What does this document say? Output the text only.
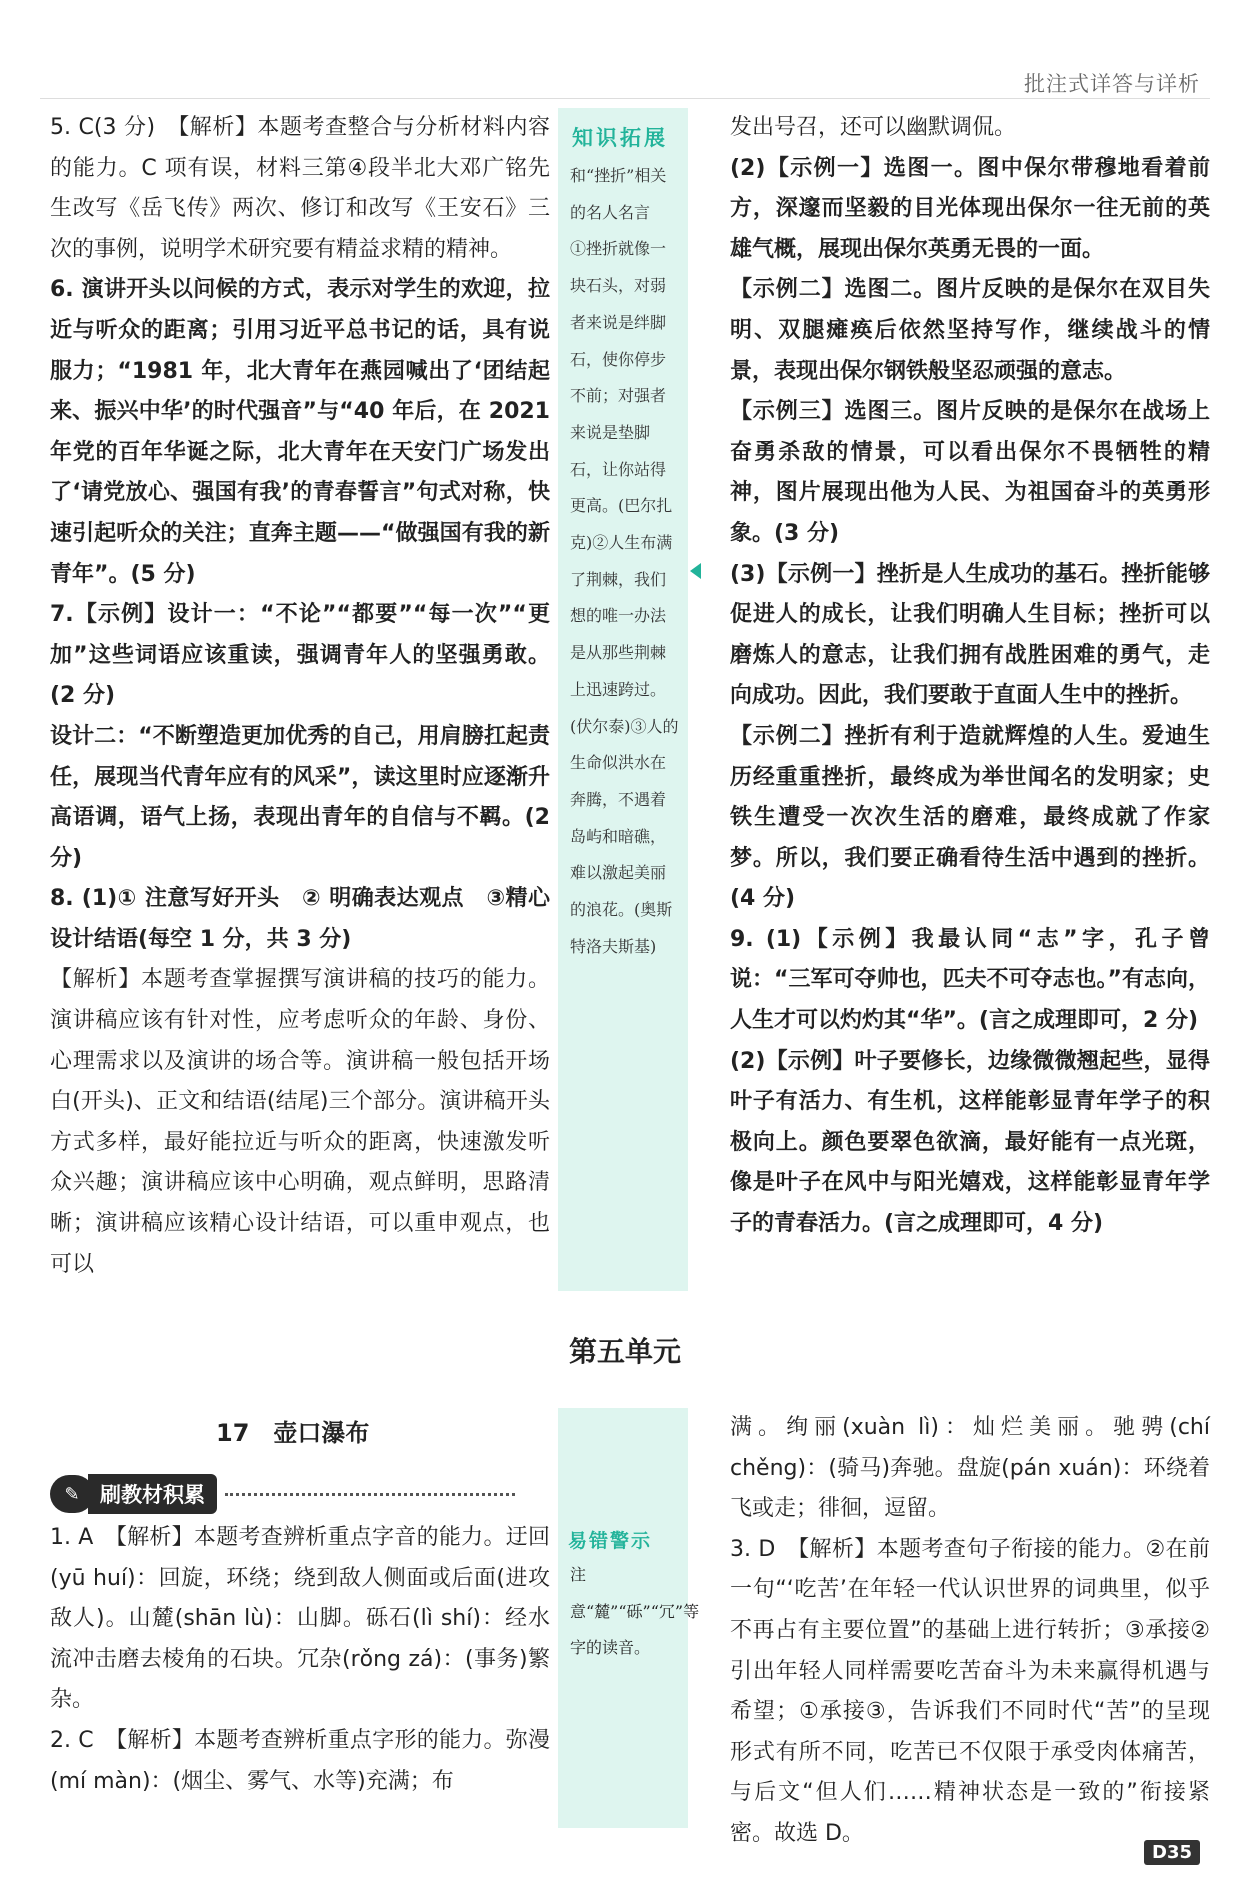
批注式详答与详析
知识拓展

和“挫折”相关的名人名言　①挫折就像一块石头，对弱者来说是绊脚石，使你停步不前；对强者来说是垫脚石，让你站得更高。(巴尔扎克)②人生布满了荆棘，我们想的唯一办法是从那些荆棘上迅速跨过。(伏尔泰)③人的生命似洪水在奔腾，不遇着岛屿和暗礁，难以激起美丽的浪花。(奥斯特洛夫斯基)

5. C(3 分)　【解析】本题考查整合与分析材料内容的能力。C 项有误，材料三第④段半北大邓广铭先生改写《岳飞传》两次、修订和改写《王安石》三次的事例，说明学术研究要有精益求精的精神。

6. 演讲开头以问候的方式，表示对学生的欢迎，拉近与听众的距离；引用习近平总书记的话，具有说服力；“1981 年，北大青年在燕园喊出了‘团结起来、振兴中华’的时代强音”与“40 年后，在 2021 年党的百年华诞之际，北大青年在天安门广场发出了‘请党放心、强国有我’的青春誓言”句式对称，快速引起听众的关注；直奔主题——“做强国有我的新青年”。(5 分)

7.【示例】设计一：“不论”“都要”“每一次”“更加”这些词语应该重读，强调青年人的坚强勇敢。(2 分)

设计二：“不断塑造更加优秀的自己，用肩膀扛起责任，展现当代青年应有的风采”，读这里时应逐渐升高语调，语气上扬，表现出青年的自信与不羁。(2 分)

8. (1)① 注意写好开头　② 明确表达观点　③精心设计结语(每空 1 分，共 3 分)

【解析】本题考查掌握撰写演讲稿的技巧的能力。演讲稿应该有针对性，应考虑听众的年龄、身份、心理需求以及演讲的场合等。演讲稿一般包括开场白(开头)、正文和结语(结尾)三个部分。演讲稿开头方式多样，最好能拉近与听众的距离，快速激发听众兴趣；演讲稿应该中心明确，观点鲜明，思路清晰；演讲稿应该精心设计结语，可以重申观点，也可以

发出号召，还可以幽默调侃。

(2)【示例一】选图一。图中保尔带穆地看着前方，深邃而坚毅的目光体现出保尔一往无前的英雄气概，展现出保尔英勇无畏的一面。

【示例二】选图二。图片反映的是保尔在双目失明、双腿瘫痪后依然坚持写作，继续战斗的情景，表现出保尔钢铁般坚忍顽强的意志。

【示例三】选图三。图片反映的是保尔在战场上奋勇杀敌的情景，可以看出保尔不畏牺牲的精神，图片展现出他为人民、为祖国奋斗的英勇形象。(3 分)

(3)【示例一】挫折是人生成功的基石。挫折能够促进人的成长，让我们明确人生目标；挫折可以磨炼人的意志，让我们拥有战胜困难的勇气，走向成功。因此，我们要敢于直面人生中的挫折。

【示例二】挫折有利于造就辉煌的人生。爱迪生历经重重挫折，最终成为举世闻名的发明家；史铁生遭受一次次生活的磨难，最终成就了作家梦。所以，我们要正确看待生活中遇到的挫折。(4 分)

9. (1)【示例】我最认同“志”字，孔子曾说：“三军可夺帅也，匹夫不可夺志也。”有志向，人生才可以灼灼其“华”。(言之成理即可，2 分)

(2)【示例】叶子要修长，边缘微微翘起些，显得叶子有活力、有生机，这样能彰显青年学子的积极向上。颜色要翠色欲滴，最好能有一点光斑，像是叶子在风中与阳光嬉戏，这样能彰显青年学子的青春活力。(言之成理即可，4 分)

第五单元
17　壶口瀑布
✎ 刷教材积累
易错警示

注意“麓”“砾”“冗”等字的读音。

1. A　【解析】本题考查辨析重点字音的能力。迂回(yū huí)：回旋，环绕；绕到敌人侧面或后面(进攻敌人)。山麓(shān lù)：山脚。砾石(lì shí)：经水流冲击磨去棱角的石块。冗杂(rǒng zá)：(事务)繁杂。

2. C　【解析】本题考查辨析重点字形的能力。弥漫(mí màn)：(烟尘、雾气、水等)充满；布

满。绚丽(xuàn lì)：灿烂美丽。驰骋(chí chěng)：(骑马)奔驰。盘旋(pán xuán)：环绕着飞或走；徘徊，逗留。

3. D　【解析】本题考查句子衔接的能力。②在前一句“‘吃苦’在年轻一代认识世界的词典里，似乎不再占有主要位置”的基础上进行转折；③承接②引出年轻人同样需要吃苦奋斗为未来赢得机遇与希望；①承接③，告诉我们不同时代“苦”的呈现形式有所不同，吃苦已不仅限于承受肉体痛苦，与后文“但人们……精神状态是一致的”衔接紧密。故选 D。

D35
